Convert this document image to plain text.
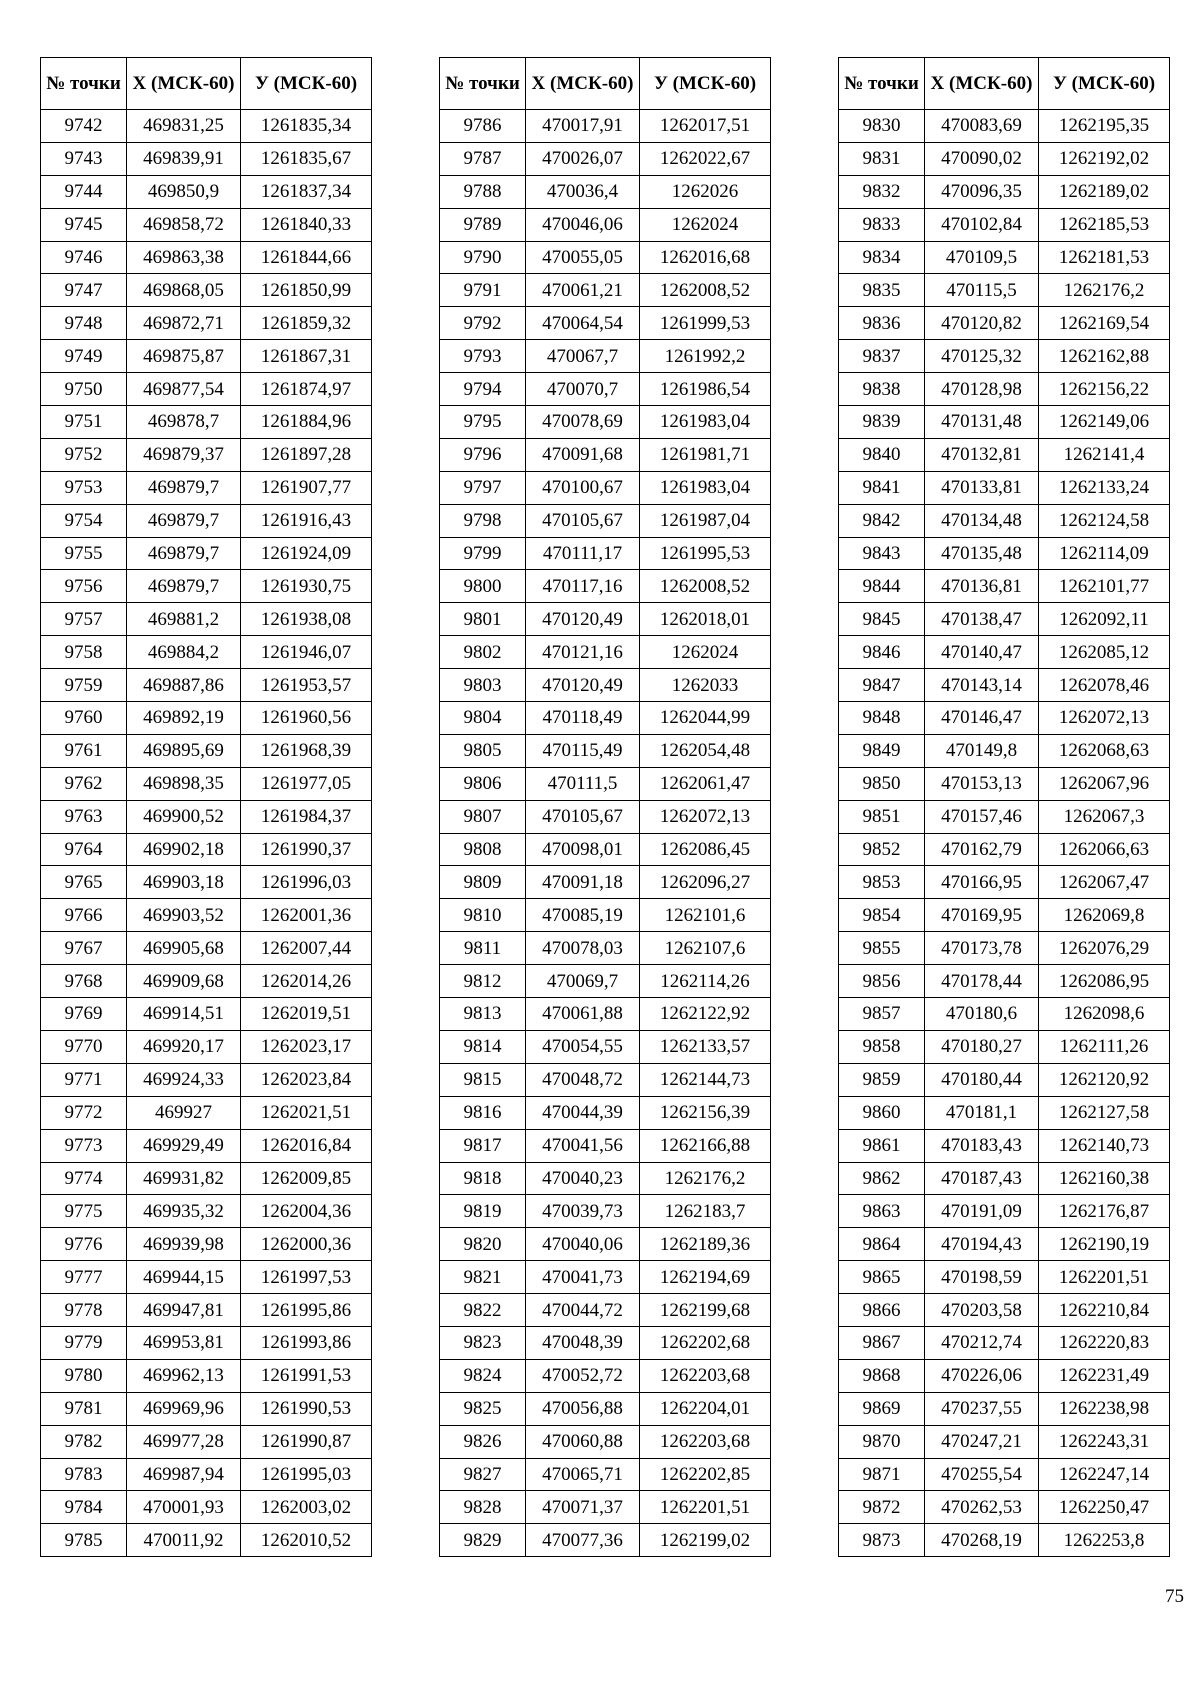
№ точки	X (МСК-60)	У (МСК-60)
9742	469831,25	1261835,34
9743	469839,91	1261835,67
9744	469850,9	1261837,34
9745	469858,72	1261840,33
9746	469863,38	1261844,66
9747	469868,05	1261850,99
9748	469872,71	1261859,32
9749	469875,87	1261867,31
9750	469877,54	1261874,97
9751	469878,7	1261884,96
9752	469879,37	1261897,28
9753	469879,7	1261907,77
9754	469879,7	1261916,43
9755	469879,7	1261924,09
9756	469879,7	1261930,75
9757	469881,2	1261938,08
9758	469884,2	1261946,07
9759	469887,86	1261953,57
9760	469892,19	1261960,56
9761	469895,69	1261968,39
9762	469898,35	1261977,05
9763	469900,52	1261984,37
9764	469902,18	1261990,37
9765	469903,18	1261996,03
9766	469903,52	1262001,36
9767	469905,68	1262007,44
9768	469909,68	1262014,26
9769	469914,51	1262019,51
9770	469920,17	1262023,17
9771	469924,33	1262023,84
9772	469927	1262021,51
9773	469929,49	1262016,84
9774	469931,82	1262009,85
9775	469935,32	1262004,36
9776	469939,98	1262000,36
9777	469944,15	1261997,53
9778	469947,81	1261995,86
9779	469953,81	1261993,86
9780	469962,13	1261991,53
9781	469969,96	1261990,53
9782	469977,28	1261990,87
9783	469987,94	1261995,03
9784	470001,93	1262003,02
9785	470011,92	1262010,52
№ точки	X (МСК-60)	У (МСК-60)
9786	470017,91	1262017,51
9787	470026,07	1262022,67
9788	470036,4	1262026
9789	470046,06	1262024
9790	470055,05	1262016,68
9791	470061,21	1262008,52
9792	470064,54	1261999,53
9793	470067,7	1261992,2
9794	470070,7	1261986,54
9795	470078,69	1261983,04
9796	470091,68	1261981,71
9797	470100,67	1261983,04
9798	470105,67	1261987,04
9799	470111,17	1261995,53
9800	470117,16	1262008,52
9801	470120,49	1262018,01
9802	470121,16	1262024
9803	470120,49	1262033
9804	470118,49	1262044,99
9805	470115,49	1262054,48
9806	470111,5	1262061,47
9807	470105,67	1262072,13
9808	470098,01	1262086,45
9809	470091,18	1262096,27
9810	470085,19	1262101,6
9811	470078,03	1262107,6
9812	470069,7	1262114,26
9813	470061,88	1262122,92
9814	470054,55	1262133,57
9815	470048,72	1262144,73
9816	470044,39	1262156,39
9817	470041,56	1262166,88
9818	470040,23	1262176,2
9819	470039,73	1262183,7
9820	470040,06	1262189,36
9821	470041,73	1262194,69
9822	470044,72	1262199,68
9823	470048,39	1262202,68
9824	470052,72	1262203,68
9825	470056,88	1262204,01
9826	470060,88	1262203,68
9827	470065,71	1262202,85
9828	470071,37	1262201,51
9829	470077,36	1262199,02
№ точки	X (МСК-60)	У (МСК-60)
9830	470083,69	1262195,35
9831	470090,02	1262192,02
9832	470096,35	1262189,02
9833	470102,84	1262185,53
9834	470109,5	1262181,53
9835	470115,5	1262176,2
9836	470120,82	1262169,54
9837	470125,32	1262162,88
9838	470128,98	1262156,22
9839	470131,48	1262149,06
9840	470132,81	1262141,4
9841	470133,81	1262133,24
9842	470134,48	1262124,58
9843	470135,48	1262114,09
9844	470136,81	1262101,77
9845	470138,47	1262092,11
9846	470140,47	1262085,12
9847	470143,14	1262078,46
9848	470146,47	1262072,13
9849	470149,8	1262068,63
9850	470153,13	1262067,96
9851	470157,46	1262067,3
9852	470162,79	1262066,63
9853	470166,95	1262067,47
9854	470169,95	1262069,8
9855	470173,78	1262076,29
9856	470178,44	1262086,95
9857	470180,6	1262098,6
9858	470180,27	1262111,26
9859	470180,44	1262120,92
9860	470181,1	1262127,58
9861	470183,43	1262140,73
9862	470187,43	1262160,38
9863	470191,09	1262176,87
9864	470194,43	1262190,19
9865	470198,59	1262201,51
9866	470203,58	1262210,84
9867	470212,74	1262220,83
9868	470226,06	1262231,49
9869	470237,55	1262238,98
9870	470247,21	1262243,31
9871	470255,54	1262247,14
9872	470262,53	1262250,47
9873	470268,19	1262253,8
75
